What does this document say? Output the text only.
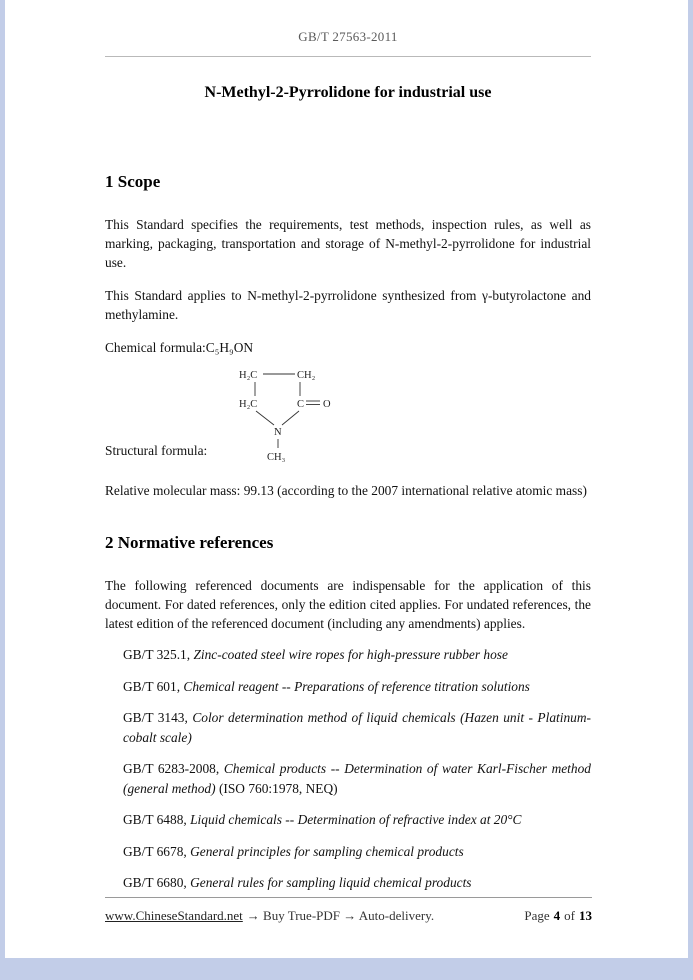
GB/T 27563-2011
N-Methyl-2-Pyrrolidone for industrial use
1 Scope

This Standard specifies the requirements, test methods, inspection rules, as well as marking, packaging, transportation and storage of N-methyl-2-pyrrolidone for industrial use.

This Standard applies to N-methyl-2-pyrrolidone synthesized from γ-butyrolactone and methylamine.

Chemical formula:C₅H₉ON

Structural formula:
H₂C	CH₂
H₂C	C O
N
CH₃

Relative molecular mass: 99.13 (according to the 2007 international relative atomic mass)

2 Normative references

The following referenced documents are indispensable for the application of this document. For dated references, only the edition cited applies. For undated references, the latest edition of the referenced document (including any amendments) applies.

GB/T 325.1, Zinc-coated steel wire ropes for high-pressure rubber hose

GB/T 601, Chemical reagent -- Preparations of reference titration solutions

GB/T 3143, Color determination method of liquid chemicals (Hazen unit - Platinum-cobalt scale)

GB/T 6283-2008, Chemical products -- Determination of water Karl-Fischer method (general method) (ISO 760:1978, NEQ)

GB/T 6488, Liquid chemicals -- Determination of refractive index at 20°C

GB/T 6678, General principles for sampling chemical products

GB/T 6680, General rules for sampling liquid chemical products

www.ChineseStandard.net → Buy True-PDF → Auto-delivery.	Page 4 of 13
